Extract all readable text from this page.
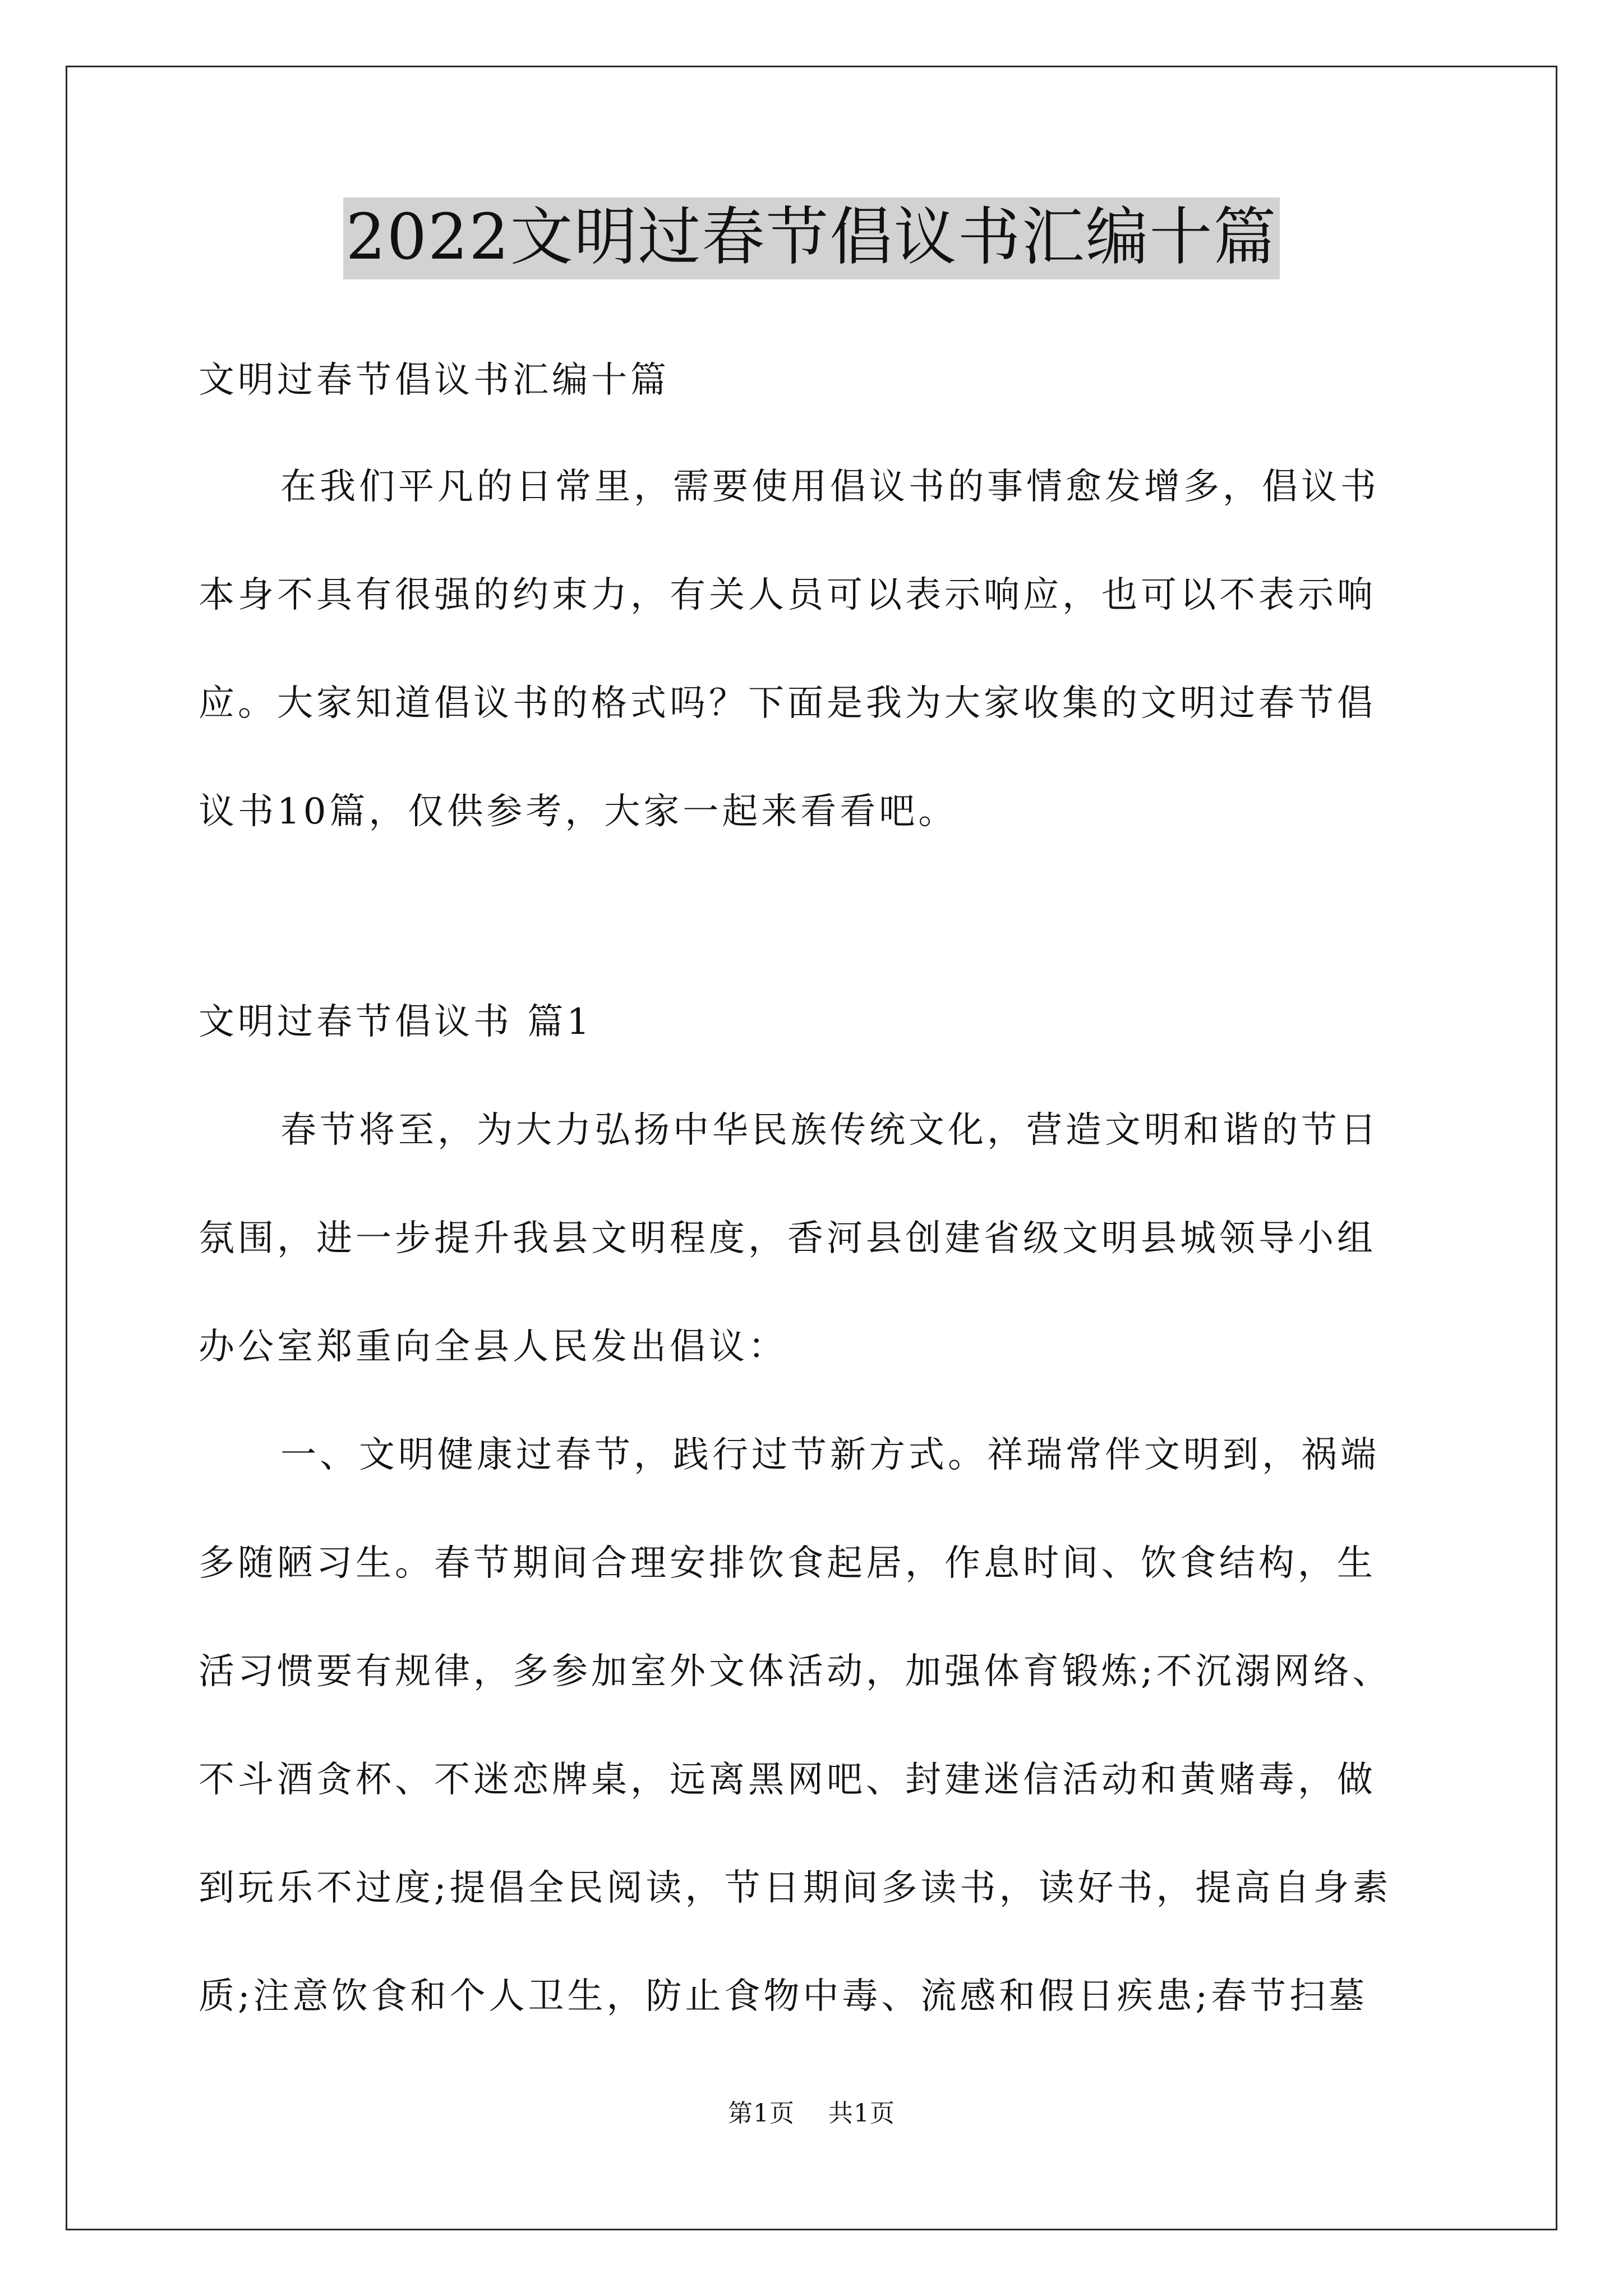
2022文明过春节倡议书汇编十篇

文明过春节倡议书汇编十篇

在我们平凡的日常里，需要使用倡议书的事情愈发增多，倡议书

本身不具有很强的约束力，有关人员可以表示响应，也可以不表示响

应。大家知道倡议书的格式吗？下面是我为大家收集的文明过春节倡

议书10篇，仅供参考，大家一起来看看吧。

文明过春节倡议书 篇1

春节将至，为大力弘扬中华民族传统文化，营造文明和谐的节日

氛围，进一步提升我县文明程度，香河县创建省级文明县城领导小组

办公室郑重向全县人民发出倡议：

一、文明健康过春节，践行过节新方式。祥瑞常伴文明到，祸端

多随陋习生。春节期间合理安排饮食起居，作息时间、饮食结构，生

活习惯要有规律，多参加室外文体活动，加强体育锻炼;不沉溺网络、

不斗酒贪杯、不迷恋牌桌，远离黑网吧、封建迷信活动和黄赌毒，做

到玩乐不过度;提倡全民阅读，节日期间多读书，读好书，提高自身素

质;注意饮食和个人卫生，防止食物中毒、流感和假日疾患;春节扫墓

第1页 共1页
